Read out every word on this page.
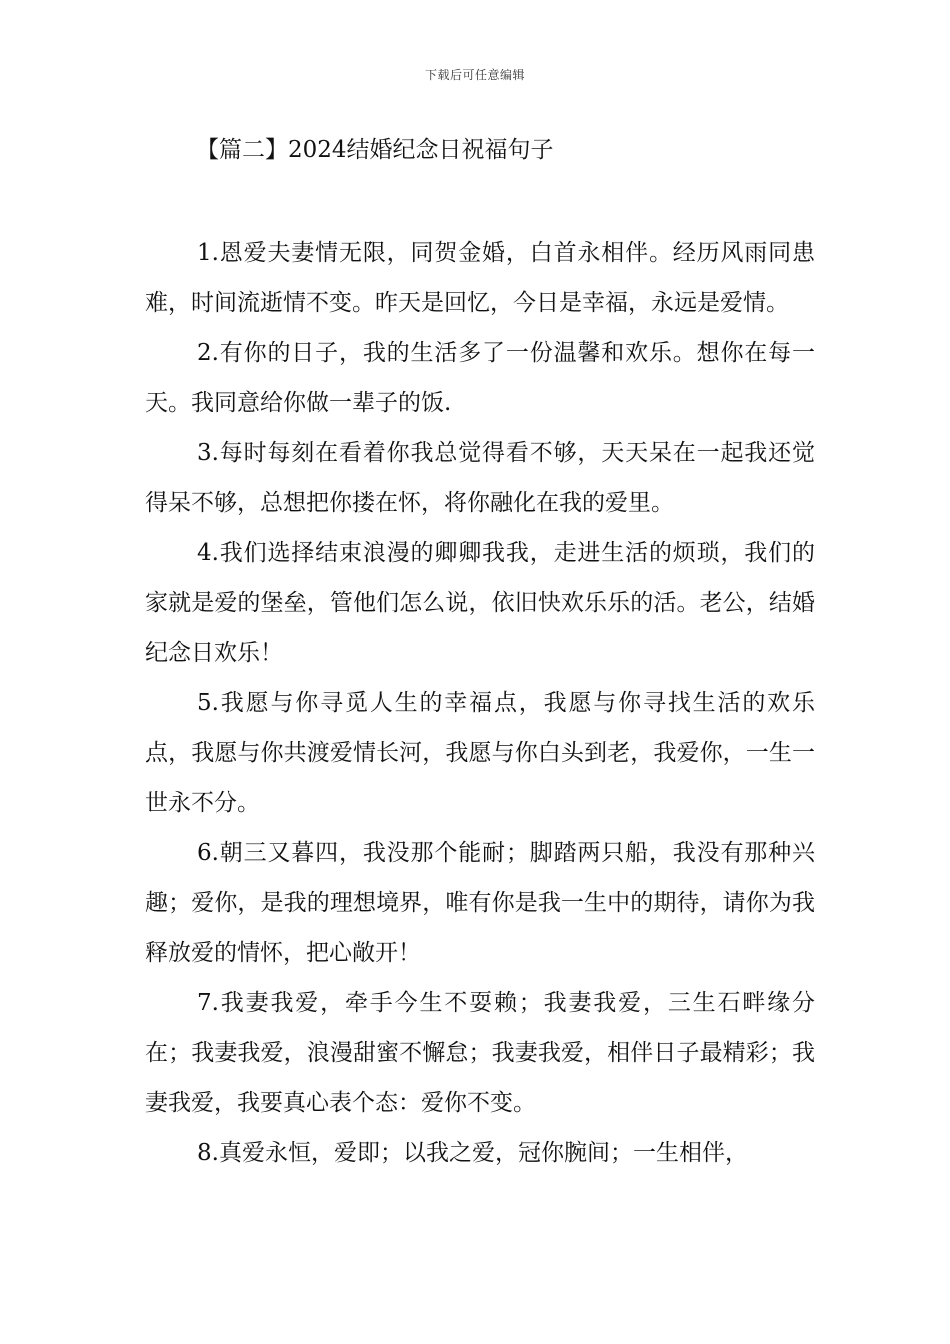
下载后可任意编辑
【篇二】2024结婚纪念日祝福句子

1.恩爱夫妻情无限，同贺金婚，白首永相伴。经历风雨同患难，时间流逝情不变。昨天是回忆，今日是幸福，永远是爱情。

2.有你的日子，我的生活多了一份温馨和欢乐。想你在每一天。我同意给你做一辈子的饭.

3.每时每刻在看着你我总觉得看不够，天天呆在一起我还觉得呆不够，总想把你搂在怀，将你融化在我的爱里。

4.我们选择结束浪漫的卿卿我我，走进生活的烦琐，我们的家就是爱的堡垒，管他们怎么说，依旧快欢乐乐的活。老公，结婚纪念日欢乐！

5.我愿与你寻觅人生的幸福点，我愿与你寻找生活的欢乐点，我愿与你共渡爱情长河，我愿与你白头到老，我爱你，一生一世永不分。

6.朝三又暮四，我没那个能耐；脚踏两只船，我没有那种兴趣；爱你，是我的理想境界，唯有你是我一生中的期待，请你为我释放爱的情怀，把心敞开！

7.我妻我爱，牵手今生不耍赖；我妻我爱，三生石畔缘分在；我妻我爱，浪漫甜蜜不懈怠；我妻我爱，相伴日子最精彩；我妻我爱，我要真心表个态：爱你不变。

8.真爱永恒，爱即；以我之爱，冠你腕间；一生相伴，
